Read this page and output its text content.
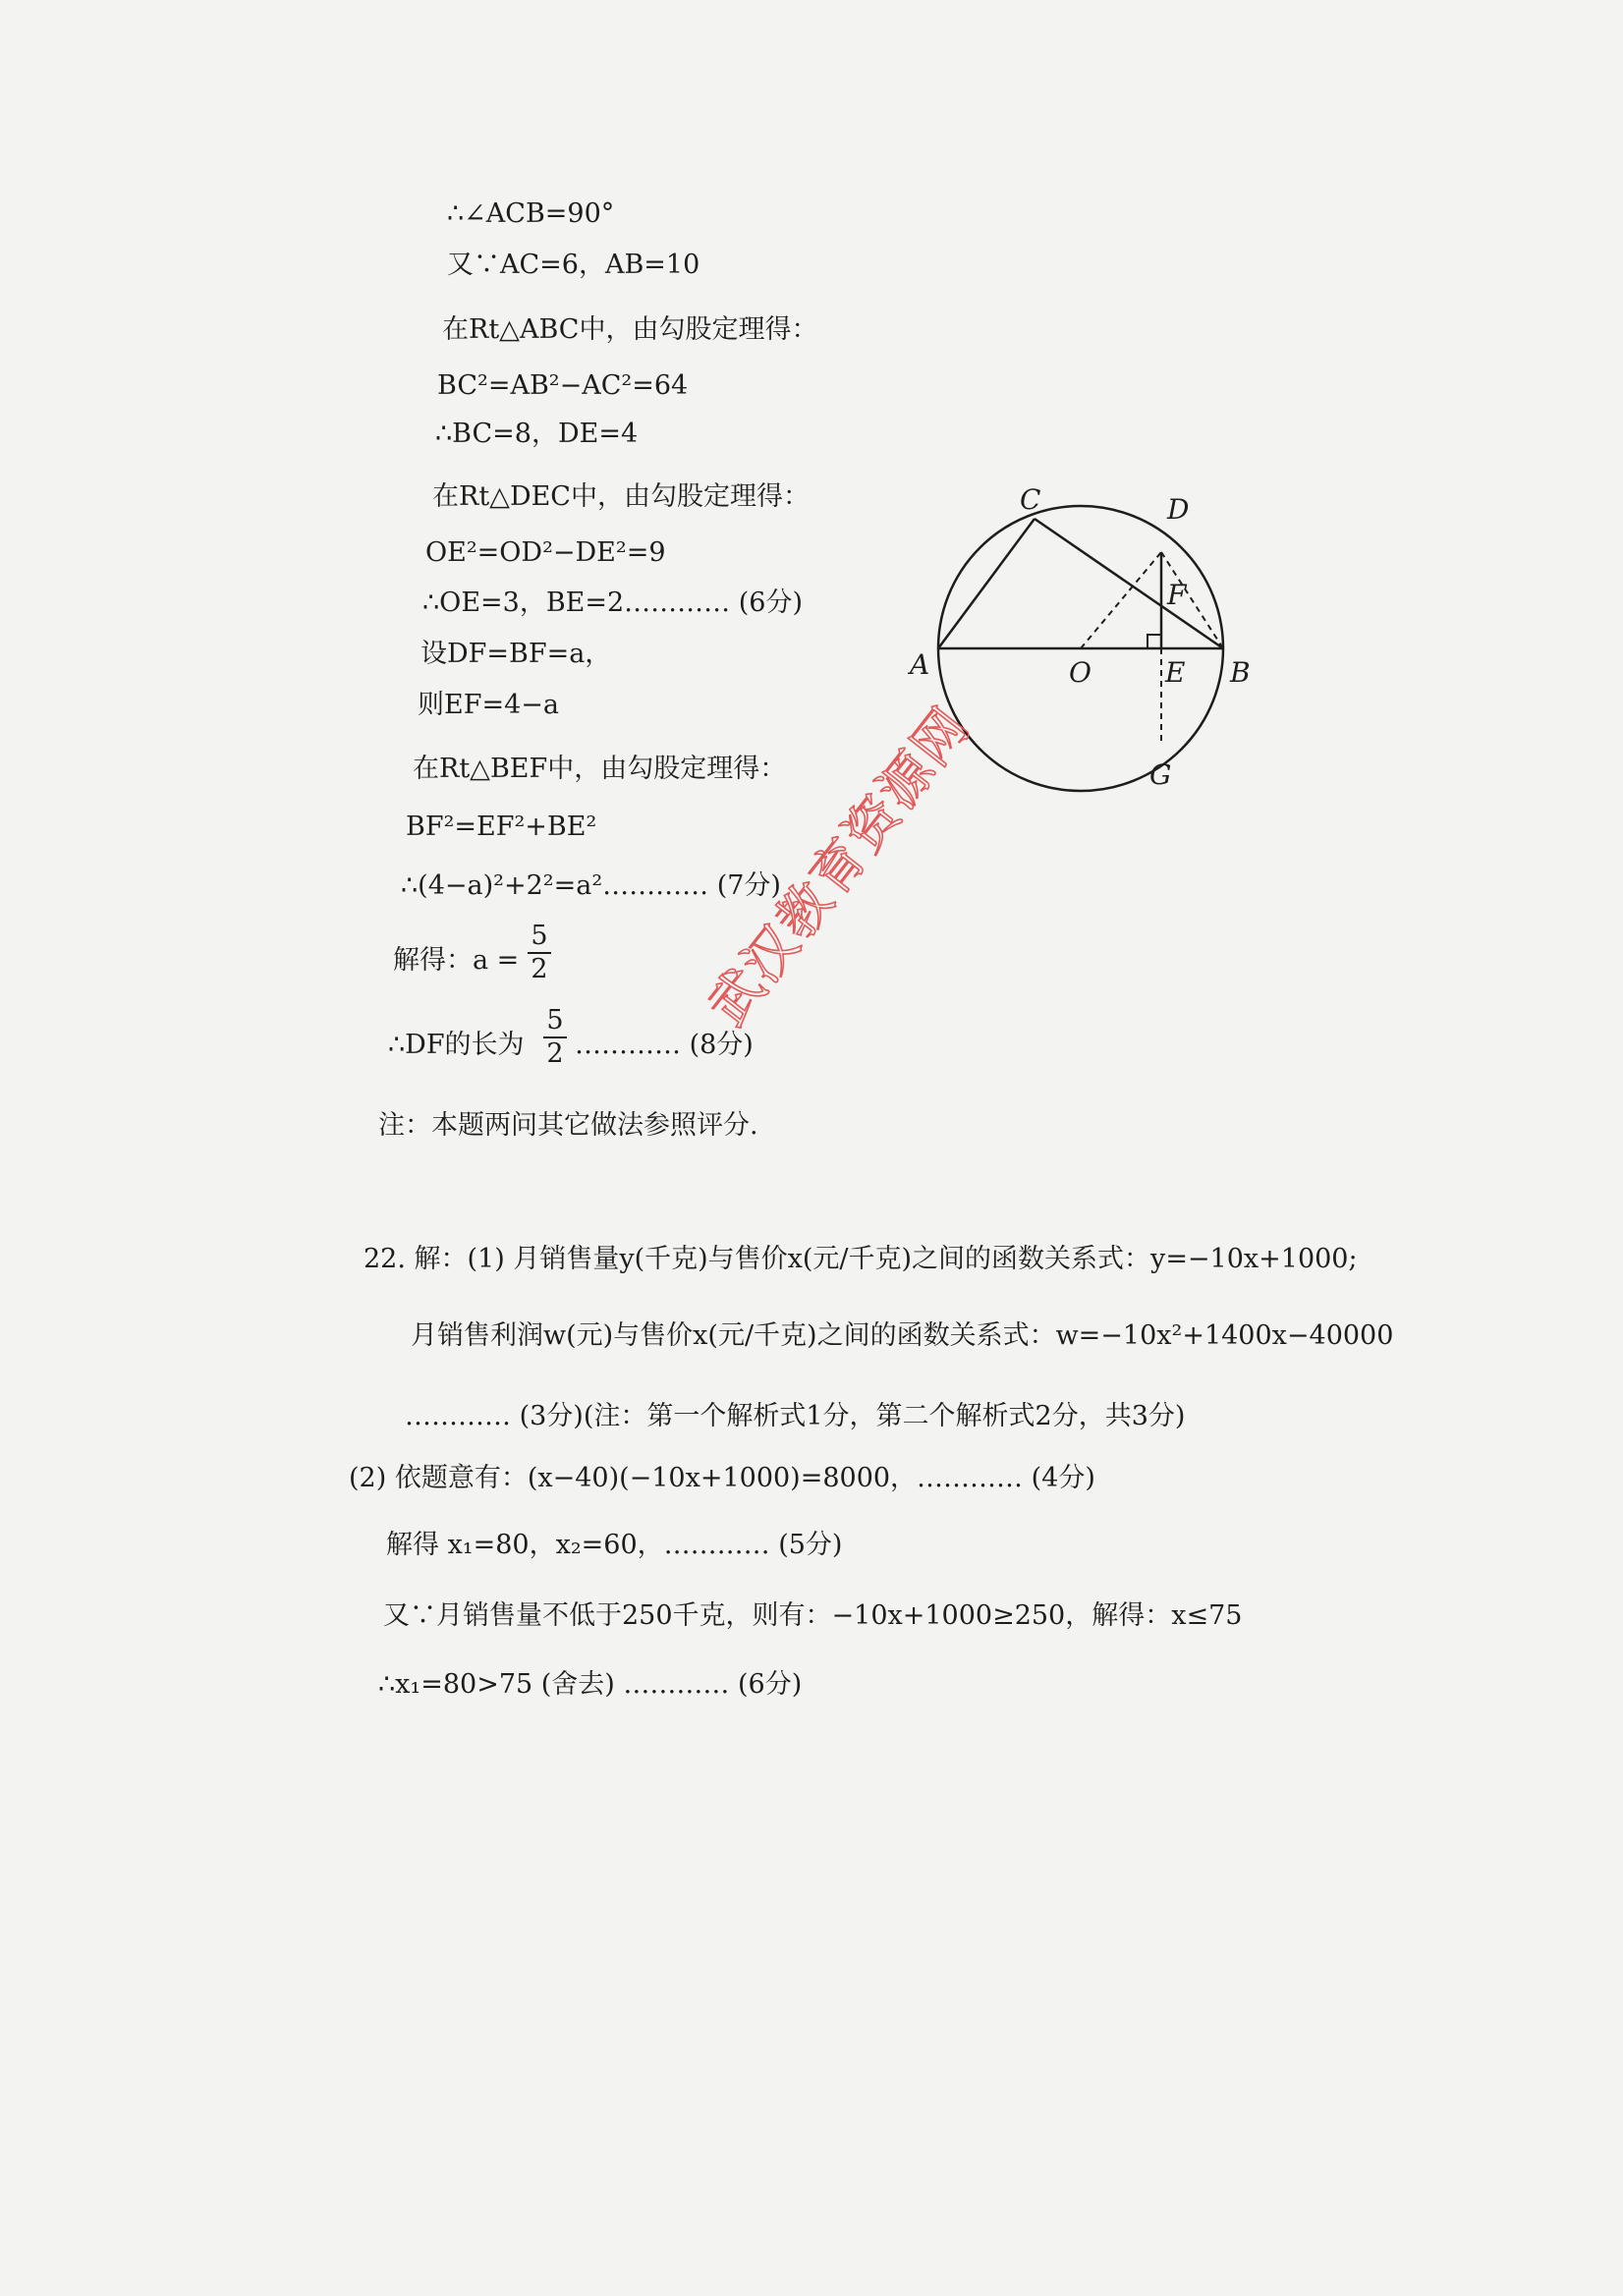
∴∠ACB=90°
又∵AC=6，AB=10
在Rt△ABC中，由勾股定理得：
BC²=AB²−AC²=64
∴BC=8，DE=4
在Rt△DEC中，由勾股定理得：
OE²=OD²−DE²=9
∴OE=3，BE=2………… (6分)
设DF=BF=a，
则EF=4−a
在Rt△BEF中，由勾股定理得：
BF²=EF²+BE²
∴(4−a)²+2²=a²………… (7分)
解得：a =
5
2
∴DF的长为
5
2 ………… (8分)
注：本题两问其它做法参照评分.
22. 解：(1) 月销售量y(千克)与售价x(元/千克)之间的函数关系式：y=−10x+1000;
月销售利润w(元)与售价x(元/千克)之间的函数关系式：w=−10x²+1400x−40000
………… (3分)(注：第一个解析式1分，第二个解析式2分，共3分)
(2) 依题意有：(x−40)(−10x+1000)=8000，………… (4分)
解得 x₁=80，x₂=60，………… (5分)
又∵月销售量不低于250千克，则有：−10x+1000≥250，解得：x≤75
∴x₁=80>75 (舍去) ………… (6分)
C	D
F
A	O	E B
G
武汉教育资源网
